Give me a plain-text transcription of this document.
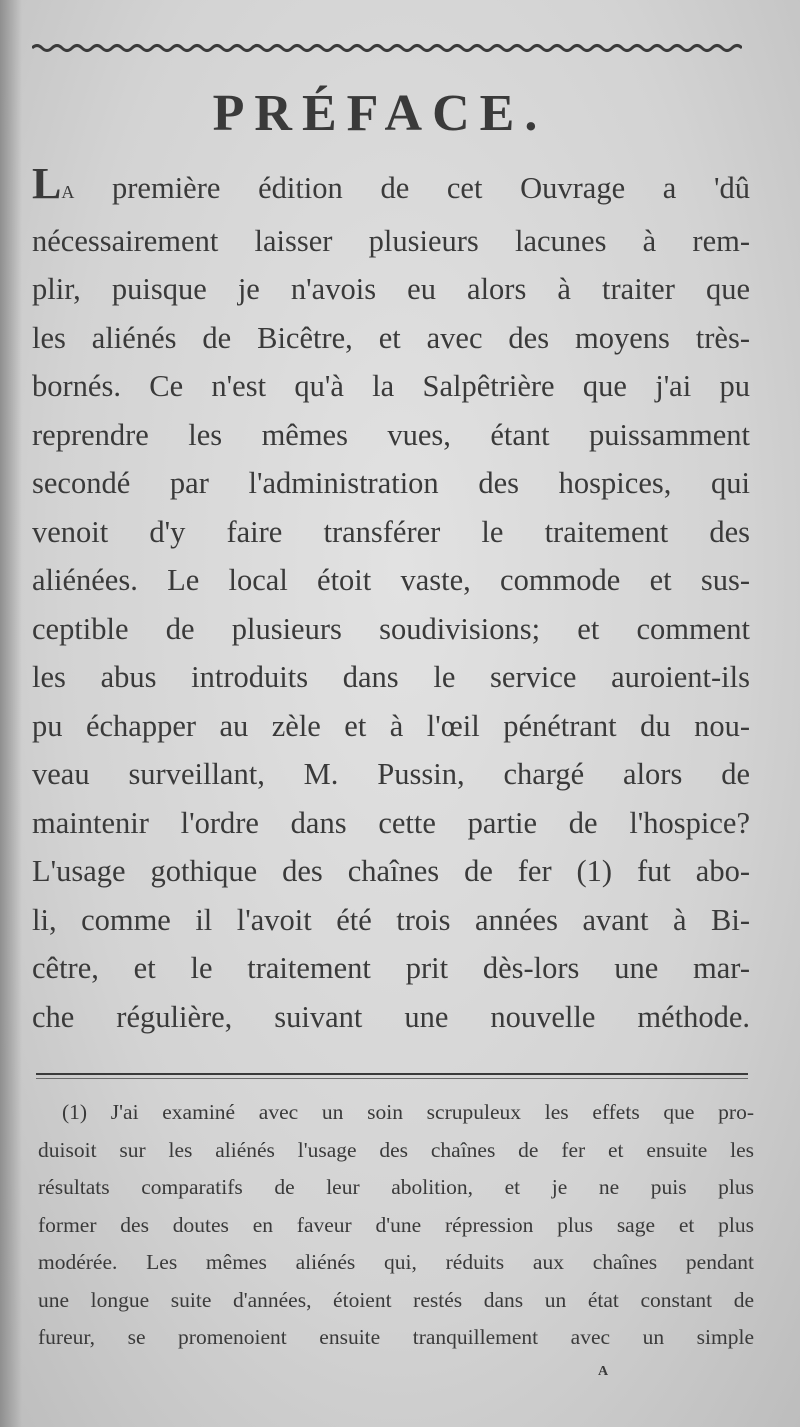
PRÉFACE.
LA première édition de cet Ouvrage a 'dû
nécessairement laisser plusieurs lacunes à rem-
plir, puisque je n'avois eu alors à traiter que
les aliénés de Bicêtre, et avec des moyens très-
bornés. Ce n'est qu'à la Salpêtrière que j'ai pu
reprendre les mêmes vues, étant puissamment
secondé par l'administration des hospices, qui
venoit d'y faire transférer le traitement des
aliénées. Le local étoit vaste, commode et sus-
ceptible de plusieurs soudivisions; et comment
les abus introduits dans le service auroient-ils
pu échapper au zèle et à l'œil pénétrant du nou-
veau surveillant, M. Pussin, chargé alors de
maintenir l'ordre dans cette partie de l'hospice?
L'usage gothique des chaînes de fer (1) fut abo-
li, comme il l'avoit été trois années avant à Bi-
cêtre, et le traitement prit dès-lors une mar-
che régulière, suivant une nouvelle méthode.
(1) J'ai examiné avec un soin scrupuleux les effets que pro-
duisoit sur les aliénés l'usage des chaînes de fer et ensuite les
résultats comparatifs de leur abolition, et je ne puis plus
former des doutes en faveur d'une répression plus sage et plus
modérée. Les mêmes aliénés qui, réduits aux chaînes pendant
une longue suite d'années, étoient restés dans un état constant de
fureur, se promenoient ensuite tranquillement avec un simple
A
